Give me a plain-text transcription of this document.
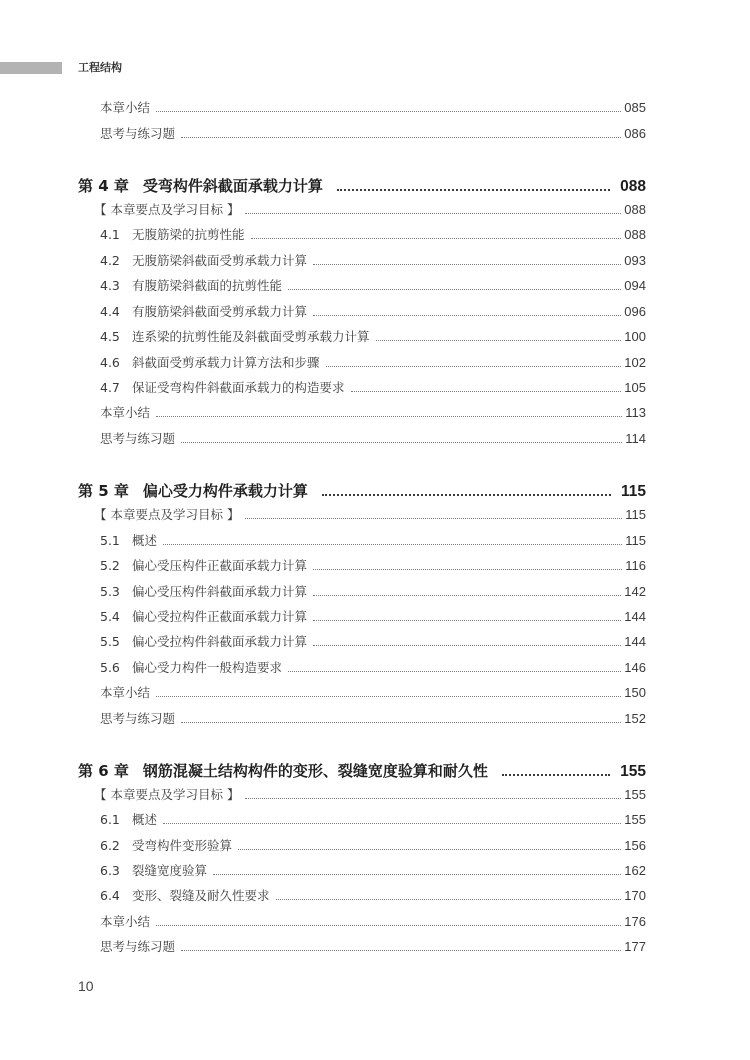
工程结构
本章小结	085
思考与练习题	086
第 4 章 受弯构件斜截面承载力计算	088
【 本章要点及学习目标 】	088
4.1 无腹筋梁的抗剪性能	088
4.2 无腹筋梁斜截面受剪承载力计算	093
4.3 有腹筋梁斜截面的抗剪性能	094
4.4 有腹筋梁斜截面受剪承载力计算	096
4.5 连系梁的抗剪性能及斜截面受剪承载力计算	100
4.6 斜截面受剪承载力计算方法和步骤	102
4.7 保证受弯构件斜截面承载力的构造要求	105
本章小结	113
思考与练习题	114
第 5 章 偏心受力构件承载力计算	115
【 本章要点及学习目标 】	115
5.1 概述	115
5.2 偏心受压构件正截面承载力计算	116
5.3 偏心受压构件斜截面承载力计算	142
5.4 偏心受拉构件正截面承载力计算	144
5.5 偏心受拉构件斜截面承载力计算	144
5.6 偏心受力构件一般构造要求	146
本章小结	150
思考与练习题	152
第 6 章 钢筋混凝土结构构件的变形、裂缝宽度验算和耐久性	155
【 本章要点及学习目标 】	155
6.1 概述	155
6.2 受弯构件变形验算	156
6.3 裂缝宽度验算	162
6.4 变形、裂缝及耐久性要求	170
本章小结	176
思考与练习题	177
10
